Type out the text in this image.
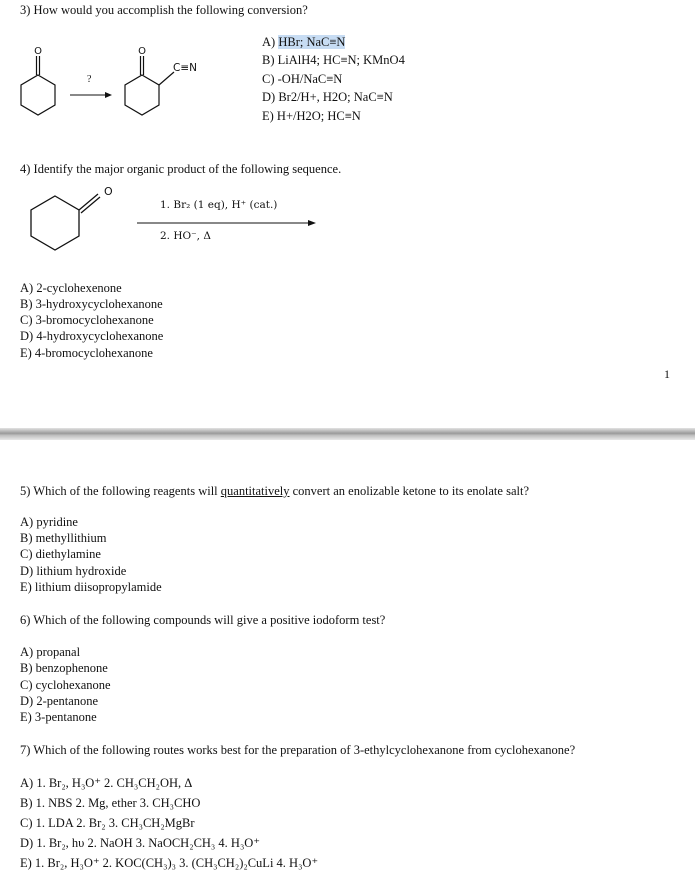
3) How would you accomplish the following conversion?
O	O
?
C≡N
A) HBr; NaC≡N
B) LiAlH4; HC≡N; KMnO4
C) -OH/NaC≡N
D) Br2/H+, H2O; NaC≡N
E) H+/H2O; HC≡N
4) Identify the major organic product of the following sequence.
O
1. Br₂ (1 eq), H⁺ (cat.)
2. HO⁻, Δ
A) 2-cyclohexenone
B) 3-hydroxycyclohexanone
C) 3-bromocyclohexanone
D) 4-hydroxycyclohexanone
E) 4-bromocyclohexanone
1
5) Which of the following reagents will quantitatively convert an enolizable ketone to its enolate salt?
A) pyridine
B) methyllithium
C) diethylamine
D) lithium hydroxide
E) lithium diisopropylamide
6) Which of the following compounds will give a positive iodoform test?
A) propanal
B) benzophenone
C) cyclohexanone
D) 2-pentanone
E) 3-pentanone
7) Which of the following routes works best for the preparation of 3-ethylcyclohexanone from cyclohexanone?
A) 1. Br₂, H₃O⁺ 2. CH₃CH₂OH, Δ
B) 1. NBS 2. Mg, ether 3. CH₃CHO
C) 1. LDA 2. Br₂ 3. CH₃CH₂MgBr
D) 1. Br₂, hυ 2. NaOH 3. NaOCH₂CH₃ 4. H₃O⁺
E) 1. Br₂, H₃O⁺ 2. KOC(CH₃)₃ 3. (CH₃CH₂)₂CuLi 4. H₃O⁺
